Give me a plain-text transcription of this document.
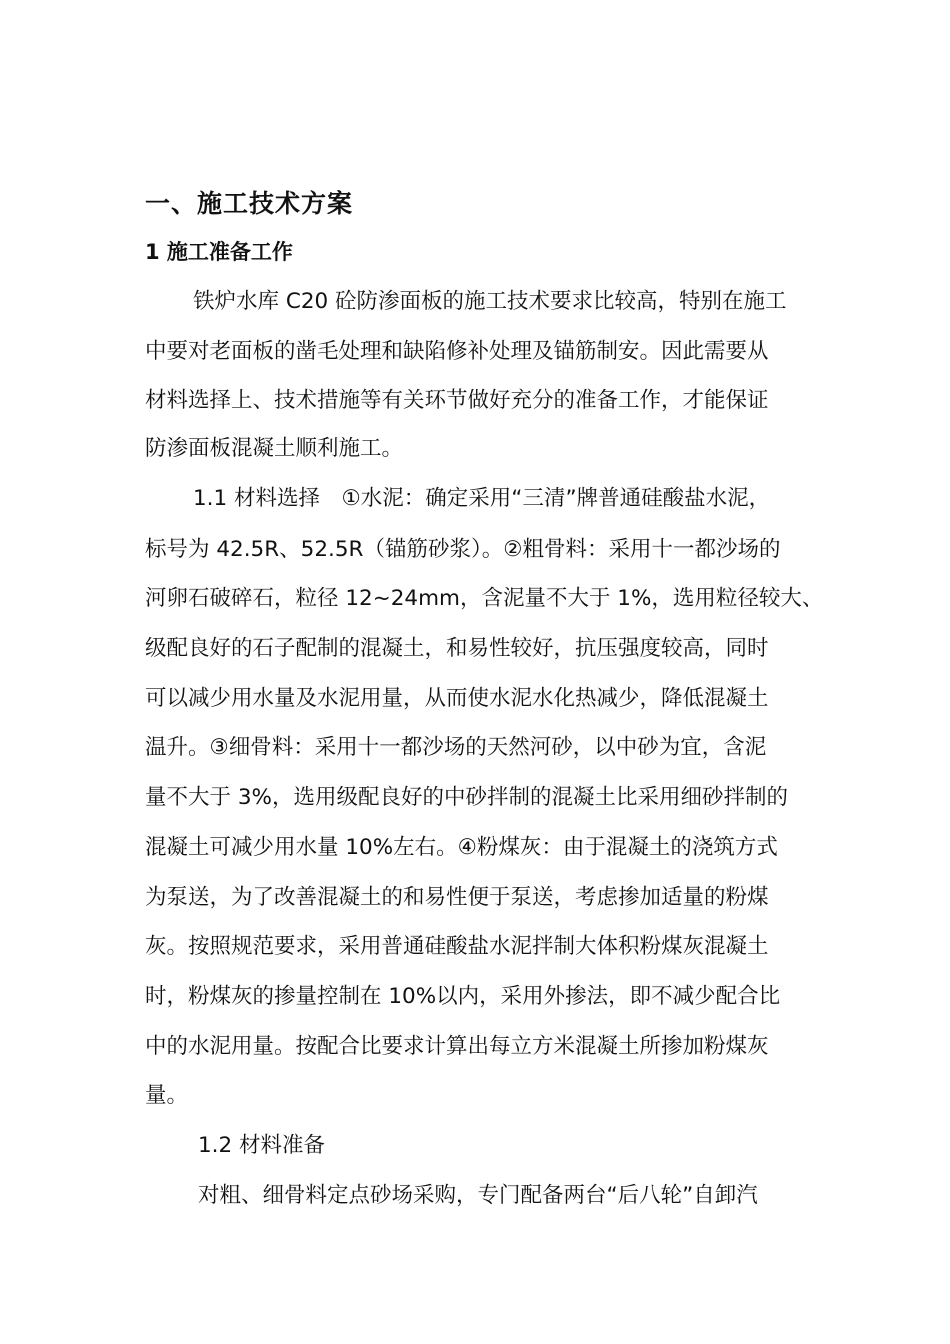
一、施工技术方案
1 施工准备工作
铁炉水库 C20 砼防渗面板的施工技术要求比较高，特别在施工
中要对老面板的凿毛处理和缺陷修补处理及锚筋制安。因此需要从
材料选择上、技术措施等有关环节做好充分的准备工作，才能保证
防渗面板混凝土顺利施工。
1.1 材料选择　①水泥：确定采用“三清”牌普通硅酸盐水泥，
标号为 42.5R、52.5R（锚筋砂浆）。②粗骨料：采用十一都沙场的
河卵石破碎石，粒径 12~24mm，含泥量不大于 1%，选用粒径较大、
级配良好的石子配制的混凝土，和易性较好，抗压强度较高，同时
可以减少用水量及水泥用量，从而使水泥水化热减少，降低混凝土
温升。③细骨料：采用十一都沙场的天然河砂，以中砂为宜，含泥
量不大于 3%，选用级配良好的中砂拌制的混凝土比采用细砂拌制的
混凝土可减少用水量 10%左右。④粉煤灰：由于混凝土的浇筑方式
为泵送，为了改善混凝土的和易性便于泵送，考虑掺加适量的粉煤
灰。按照规范要求，采用普通硅酸盐水泥拌制大体积粉煤灰混凝土
时，粉煤灰的掺量控制在 10%以内，采用外掺法，即不减少配合比
中的水泥用量。按配合比要求计算出每立方米混凝土所掺加粉煤灰
量。
1.2 材料准备
对粗、细骨料定点砂场采购，专门配备两台“后八轮”自卸汽
